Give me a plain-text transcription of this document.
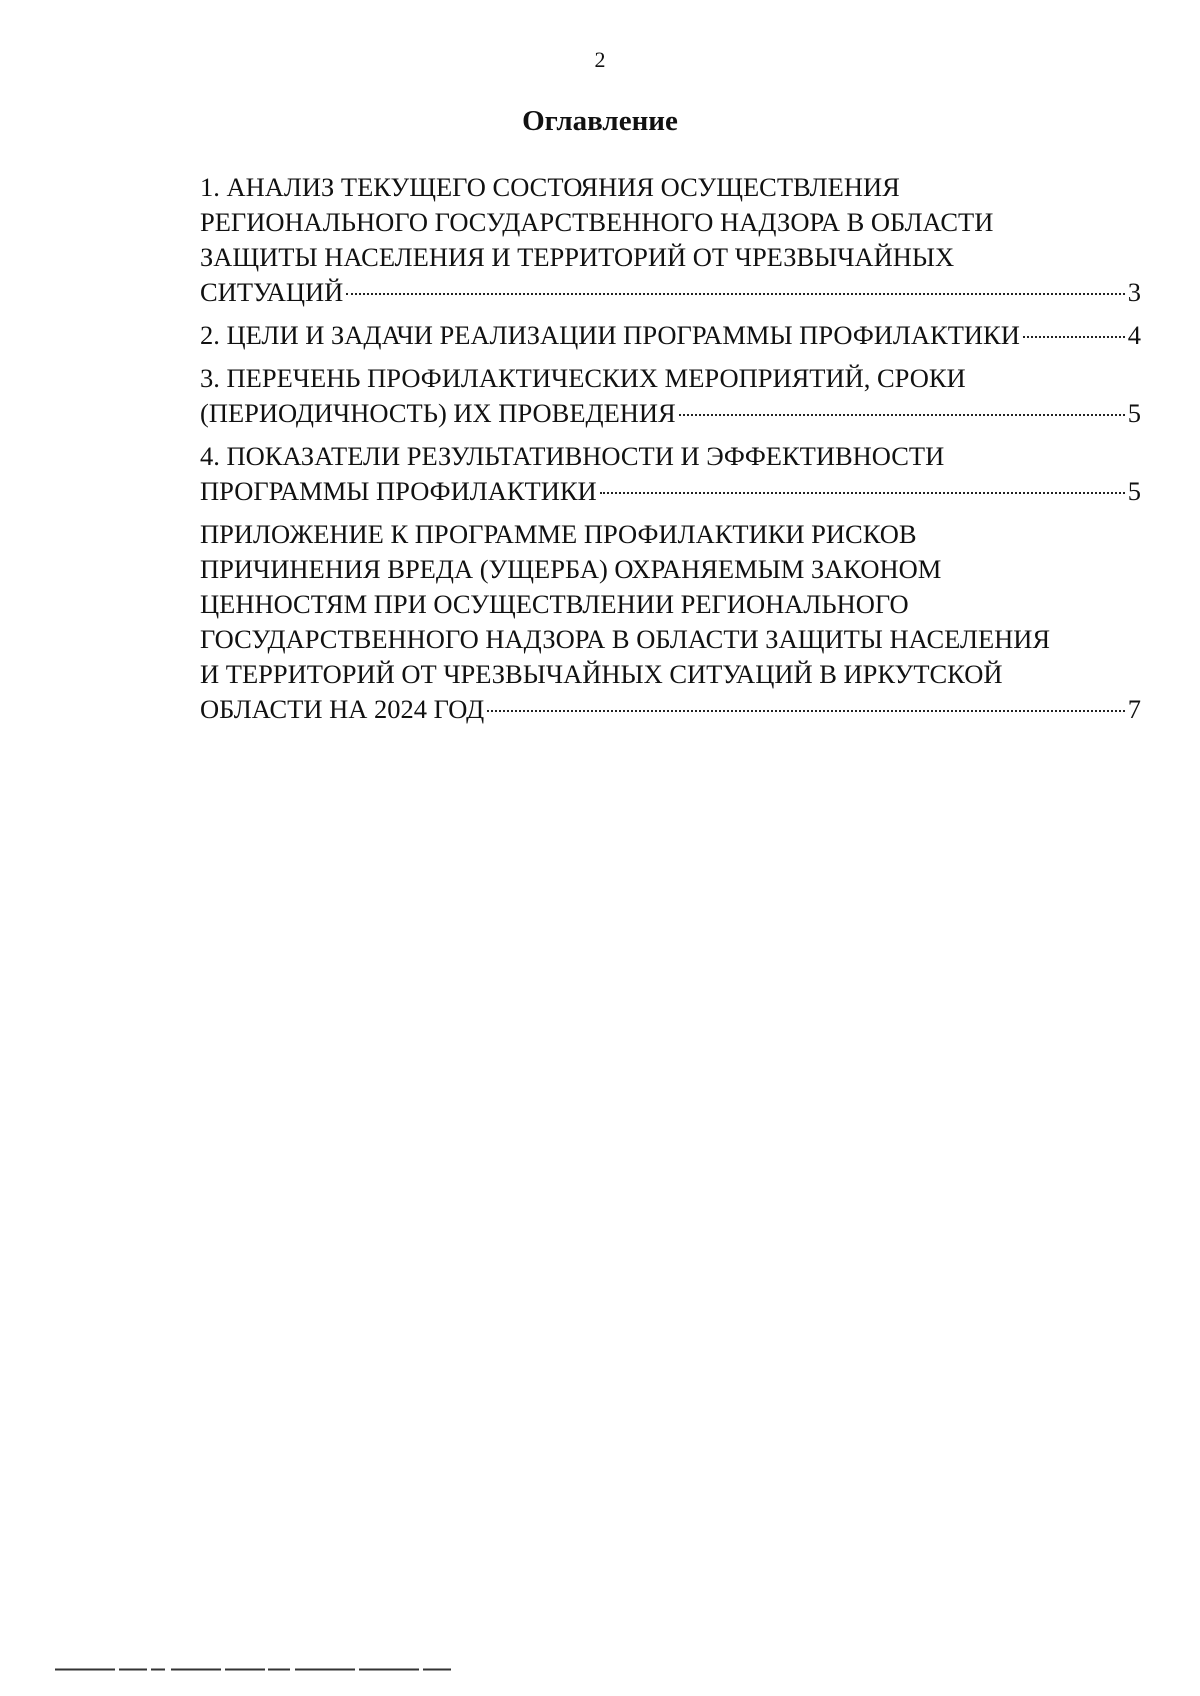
2
Оглавление
1. АНАЛИЗ ТЕКУЩЕГО СОСТОЯНИЯ ОСУЩЕСТВЛЕНИЯ
РЕГИОНАЛЬНОГО ГОСУДАРСТВЕННОГО НАДЗОРА В ОБЛАСТИ
ЗАЩИТЫ НАСЕЛЕНИЯ И ТЕРРИТОРИЙ ОТ ЧРЕЗВЫЧАЙНЫХ
СИТУАЦИЙ	3
2. ЦЕЛИ И ЗАДАЧИ РЕАЛИЗАЦИИ ПРОГРАММЫ ПРОФИЛАКТИКИ	4
3. ПЕРЕЧЕНЬ ПРОФИЛАКТИЧЕСКИХ МЕРОПРИЯТИЙ, СРОКИ
(ПЕРИОДИЧНОСТЬ) ИХ ПРОВЕДЕНИЯ	5
4. ПОКАЗАТЕЛИ РЕЗУЛЬТАТИВНОСТИ И ЭФФЕКТИВНОСТИ
ПРОГРАММЫ ПРОФИЛАКТИКИ	5
ПРИЛОЖЕНИЕ К ПРОГРАММЕ ПРОФИЛАКТИКИ РИСКОВ
ПРИЧИНЕНИЯ ВРЕДА (УЩЕРБА) ОХРАНЯЕМЫМ ЗАКОНОМ
ЦЕННОСТЯМ ПРИ ОСУЩЕСТВЛЕНИИ РЕГИОНАЛЬНОГО
ГОСУДАРСТВЕННОГО НАДЗОРА В ОБЛАСТИ ЗАЩИТЫ НАСЕЛЕНИЯ
И ТЕРРИТОРИЙ ОТ ЧРЕЗВЫЧАЙНЫХ СИТУАЦИЙ В ИРКУТСКОЙ
ОБЛАСТИ НА 2024 ГОД	7
